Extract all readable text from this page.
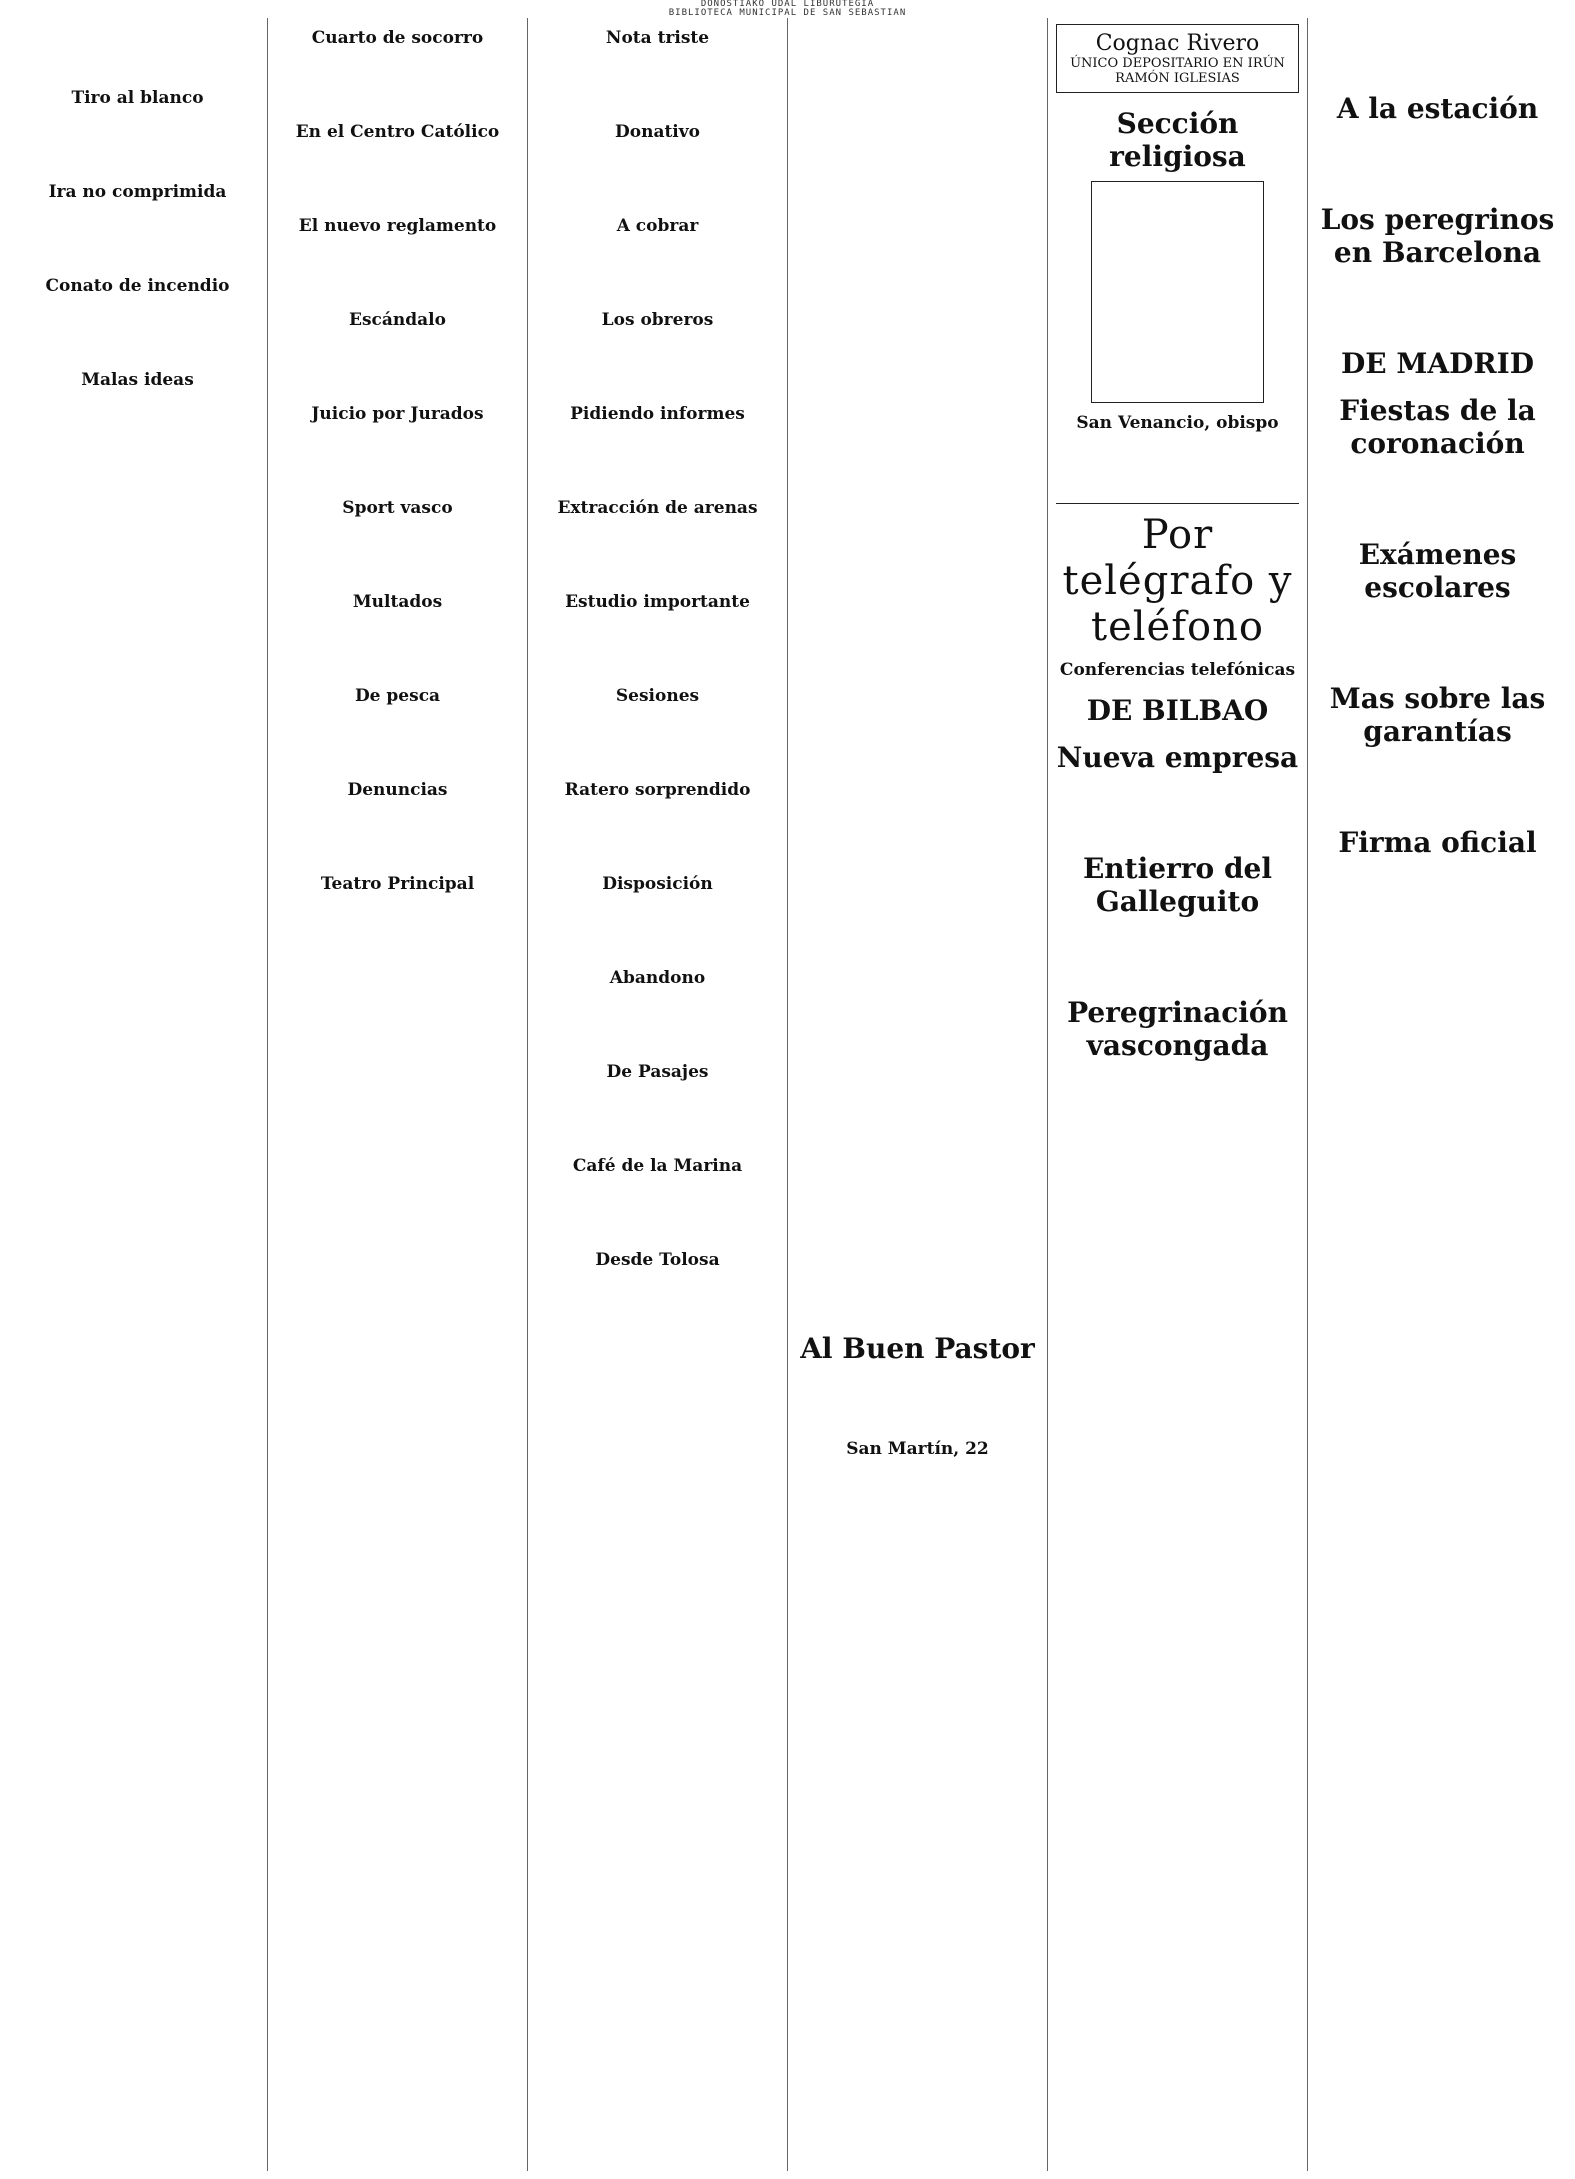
DONOSTIAKO UDAL LIBURUTEGIA
BIBLIOTECA MUNICIPAL DE SAN SEBASTIAN
Tiro al blanco
Ira no comprimida
Conato de incendio
Malas ideas
Cuarto de socorro
En el Centro Católico
El nuevo reglamento
Escándalo
Juicio por Jurados
Sport vasco
Multados
De pesca
Denuncias
Teatro Principal
Nota triste
Donativo
A cobrar
Los obreros
Pidiendo informes
Extracción de arenas
Estudio importante
Sesiones
Ratero sorprendido
Disposición
Abandono
De Pasajes
Café de la Marina
Desde Tolosa
Al Buen Pastor
San Martín, 22
Cognac Rivero
ÚNICO DEPOSITARIO EN IRÚN
RAMÓN IGLESIAS
Sección religiosa
San Venancio, obispo
Por telégrafo y teléfono
Conferencias telefónicas
DE BILBAO
Nueva empresa
Entierro del Galleguito
Peregrinación vascongada
A la estación
Los peregrinos en Barcelona
DE MADRID
Fiestas de la coronación
Exámenes escolares
Mas sobre las garantías
Firma oficial
